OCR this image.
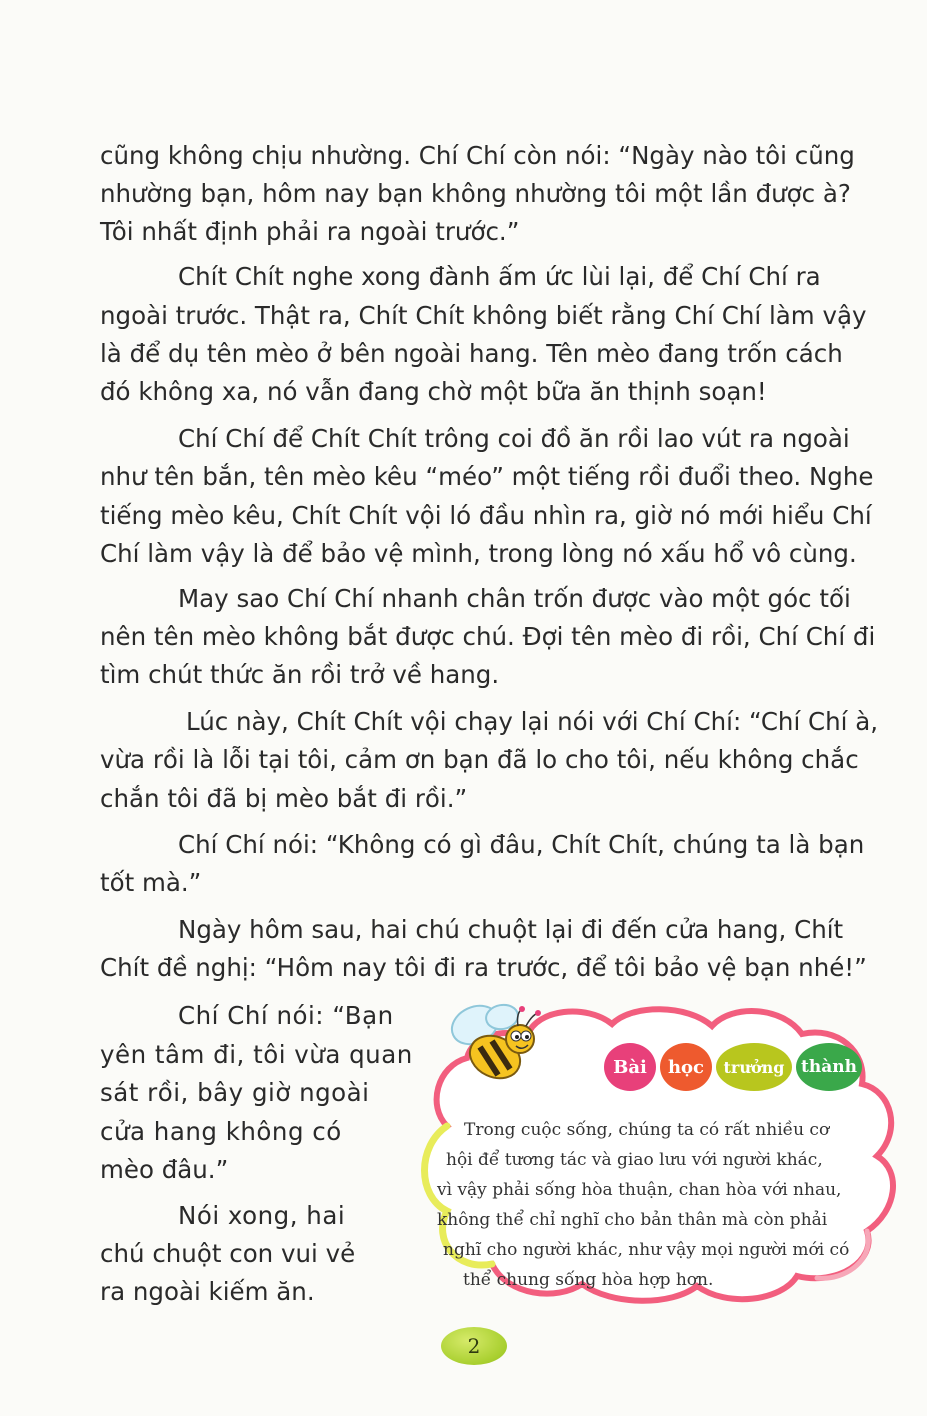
cũng không chịu nhường. Chí Chí còn nói: “Ngày nào tôi cũng

nhường bạn, hôm nay bạn không nhường tôi một lần được à?

Tôi nhất định phải ra ngoài trước.”

Chít Chít nghe xong đành ấm ức lùi lại, để Chí Chí ra

ngoài trước. Thật ra, Chít Chít không biết rằng Chí Chí làm vậy

là để dụ tên mèo ở bên ngoài hang. Tên mèo đang trốn cách

đó không xa, nó vẫn đang chờ một bữa ăn thịnh soạn!

Chí Chí để Chít Chít trông coi đồ ăn rồi lao vút ra ngoài

như tên bắn, tên mèo kêu “méo” một tiếng rồi đuổi theo. Nghe

tiếng mèo kêu, Chít Chít vội ló đầu nhìn ra, giờ nó mới hiểu Chí

Chí làm vậy là để bảo vệ mình, trong lòng nó xấu hổ vô cùng.

May sao Chí Chí nhanh chân trốn được vào một góc tối

nên tên mèo không bắt được chú. Đợi tên mèo đi rồi, Chí Chí đi

tìm chút thức ăn rồi trở về hang.

Lúc này, Chít Chít vội chạy lại nói với Chí Chí: “Chí Chí à,

vừa rồi là lỗi tại tôi, cảm ơn bạn đã lo cho tôi, nếu không chắc

chắn tôi đã bị mèo bắt đi rồi.”

Chí Chí nói: “Không có gì đâu, Chít Chít, chúng ta là bạn

tốt mà.”

Ngày hôm sau, hai chú chuột lại đi đến cửa hang, Chít

Chít đề nghị: “Hôm nay tôi đi ra trước, để tôi bảo vệ bạn nhé!”

Chí Chí nói: “Bạn

yên tâm đi, tôi vừa quan

sát rồi, bây giờ ngoài

cửa hang không có

mèo đâu.”

Nói xong, hai

chú chuột con vui vẻ

ra ngoài kiếm ăn.

Bài	học	trưởng thành

Trong cuộc sống, chúng ta có rất nhiều cơ

hội để tương tác và giao lưu với người khác,

vì vậy phải sống hòa thuận, chan hòa với nhau,

không thể chỉ nghĩ cho bản thân mà còn phải

nghĩ cho người khác, như vậy mọi người mới có

thể chung sống hòa hợp hơn.

2
